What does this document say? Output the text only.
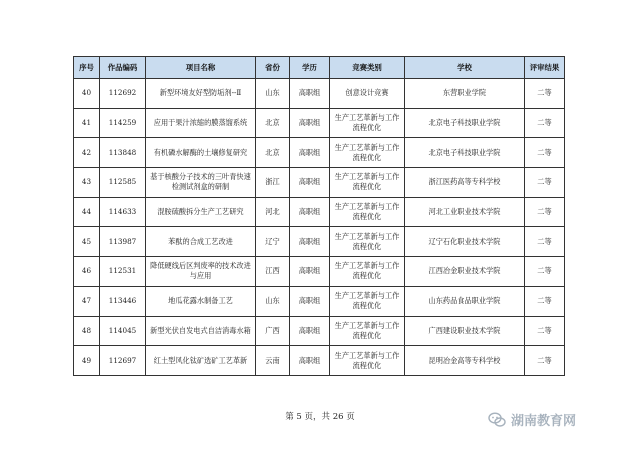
序号	作品编码	项目名称	省份	学历	竞赛类别	学校	评审结果
40	112692	新型环境友好型防垢剂--Ⅱ	山东	高职组	创意设计竞赛	东营职业学院	二等
41	114259	应用于果汁浓缩的膜蒸馏系统	北京	高职组	生产工艺革新与工作流程优化	北京电子科技职业学院	二等
42	113848	有机磷水解酶的土壤修复研究	北京	高职组	生产工艺革新与工作流程优化	北京电子科技职业学院	二等
43	112585	基于核酸分子技术的三叶青快速检测试剂盒的研制	浙江	高职组	生产工艺革新与工作流程优化	浙江医药高等专科学校	二等
44	114633	混胺硫酸拆分生产工艺研究	河北	高职组	生产工艺革新与工作流程优化	河北工业职业技术学院	二等
45	113987	苯酞的合成工艺改进	辽宁	高职组	生产工艺革新与工作流程优化	辽宁石化职业技术学院	二等
46	112531	降低硬线后区判废率的技术改进与应用	江西	高职组	生产工艺革新与工作流程优化	江西冶金职业技术学院	二等
47	113446	地瓜花露水制备工艺	山东	高职组	生产工艺革新与工作流程优化	山东药品食品职业学院	二等
48	114045	新型光伏自发电式自洁消毒水箱	广西	高职组	生产工艺革新与工作流程优化	广西建设职业技术学院	二等
49	112697	红土型风化钛矿选矿工艺革新	云南	高职组	生产工艺革新与工作流程优化	昆明冶金高等专科学校	二等
第 5 页，共 26 页	湖南教育网
